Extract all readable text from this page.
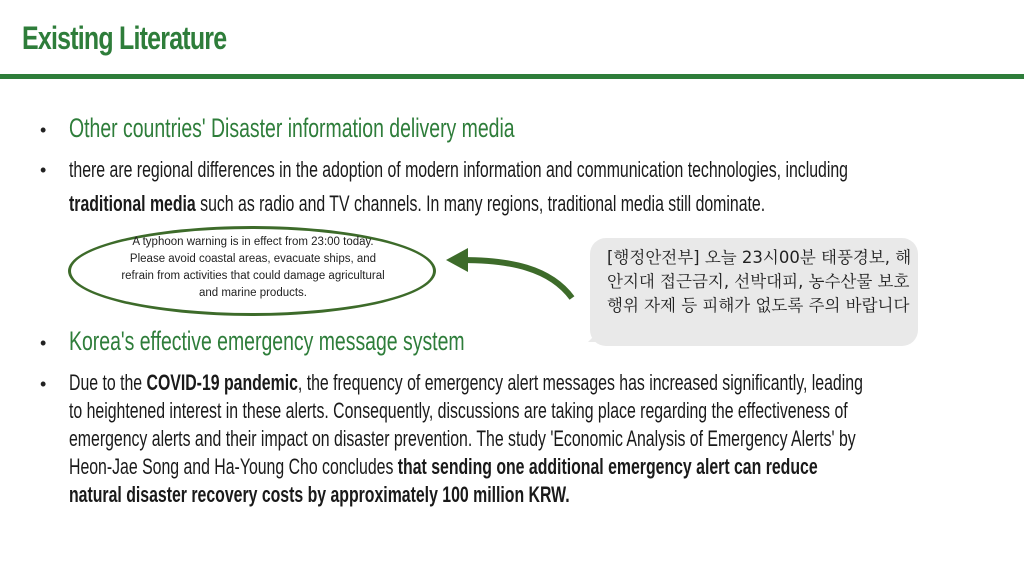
Existing Literature
• Other countries' Disaster information delivery media
• there are regional differences in the adoption of modern information and communication technologies, including
traditional media such as radio and TV channels. In many regions, traditional media still dominate.
A typhoon warning is in effect from 23:00 today. Please avoid coastal areas, evacuate ships, and refrain from activities that could damage agricultural and marine products.
[행정안전부] 오늘 23시00분 태풍경보, 해안지대 접근금지, 선박대피, 농수산물 보호행위 자제 등 피해가 없도록 주의 바랍니다
• Korea's effective emergency message system
• Due to the COVID-19 pandemic, the frequency of emergency alert messages has increased significantly, leading
to heightened interest in these alerts. Consequently, discussions are taking place regarding the effectiveness of
emergency alerts and their impact on disaster prevention. The study 'Economic Analysis of Emergency Alerts' by
Heon-Jae Song and Ha-Young Cho concludes that sending one additional emergency alert can reduce
natural disaster recovery costs by approximately 100 million KRW.
